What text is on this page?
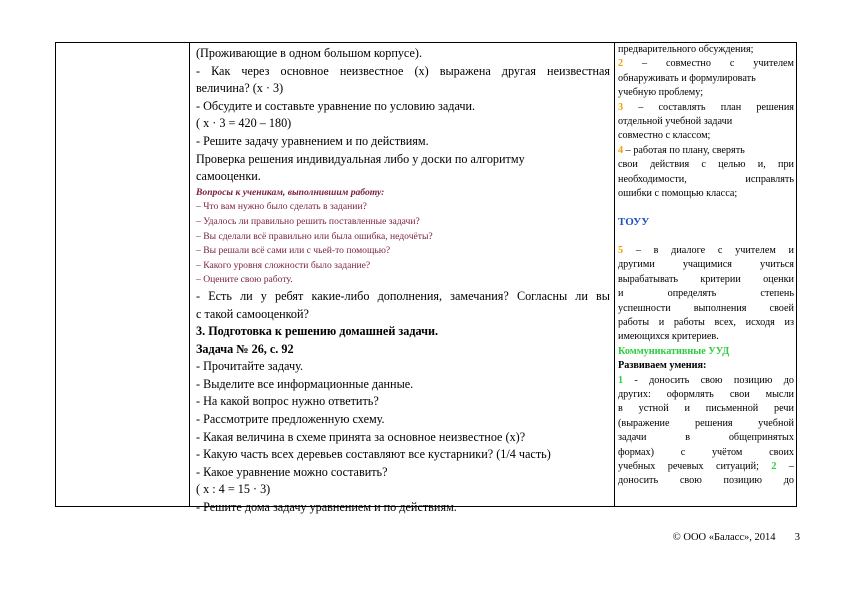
(Проживающие в одном большом корпусе).
- Как через основное неизвестное (х) выражена другая неизвестная
величина? (х · 3)
- Обсудите и составьте уравнение по условию задачи.
( х · 3 = 420 – 180)
- Решите задачу уравнением и по действиям.
Проверка решения индивидуальная либо у доски по алгоритму
самооценки.
Вопросы к ученикам, выполнившим работу:
– Что вам нужно было сделать в задании?
– Удалось ли правильно решить поставленные задачи?
– Вы сделали всё правильно или была ошибка, недочёты?
– Вы решали всё сами или с чьей-то помощью?
– Какого уровня сложности было задание?
– Оцените свою работу.
- Есть ли у ребят какие-либо дополнения, замечания? Согласны ли вы
с такой самооценкой?
3. Подготовка к решению домашней задачи.
Задача № 26, с. 92
- Прочитайте задачу.
- Выделите все информационные данные.
- На какой вопрос нужно ответить?
- Рассмотрите предложенную схему.
- Какая величина в схеме принята за основное неизвестное (х)?
- Какую часть всех деревьев составляют все кустарники? (1/4 часть)
- Какое уравнение можно составить?
( х : 4 = 15 · 3)
- Решите дома задачу уравнением и по действиям.
предварительного обсуждения;
2 – совместно с учителем
обнаруживать и формулировать
учебную проблему;
3 – составлять план решения
отдельной учебной задачи
совместно с классом;
4 – работая по плану, сверять
свои действия с целью и, при
необходимости, исправлять
ошибки с помощью класса;
ТОУУ
5 – в диалоге с учителем и
другими учащимися учиться
вырабатывать критерии оценки
и определять степень
успешности выполнения своей
работы и работы всех, исходя из
имеющихся критериев.
Коммуникативные УУД
Развиваем умения:
1 - доносить свою позицию до
других: оформлять свои мысли
в устной и письменной речи
(выражение решения учебной
задачи в общепринятых
формах) с учётом своих
учебных речевых ситуаций; 2 –
доносить свою позицию до
© ООО «Баласс», 2014 3
